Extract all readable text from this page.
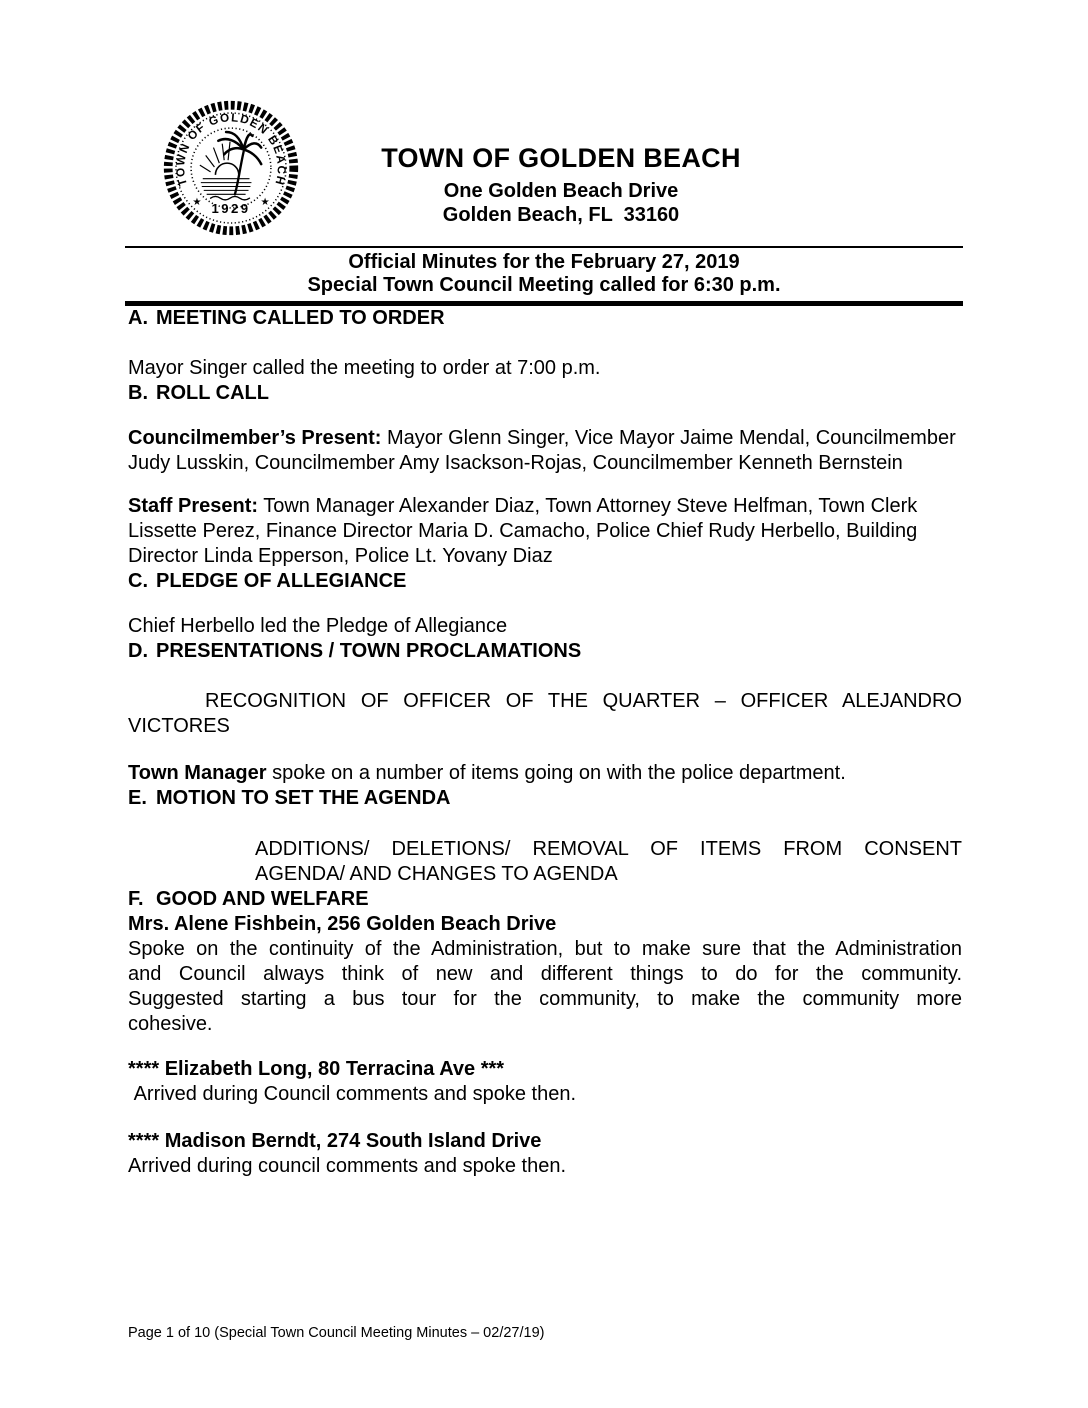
TOWN OF GOLDEN BEACH
1929
★	★
TOWN OF GOLDEN BEACH
One Golden Beach Drive
Golden Beach, FL  33160
Official Minutes for the February 27, 2019
Special Town Council Meeting called for 6:30 p.m.
A. MEETING CALLED TO ORDER

Mayor Singer called the meeting to order at 7:00 p.m.

B. ROLL CALL

Councilmember’s Present: Mayor Glenn Singer, Vice Mayor Jaime Mendal, Councilmember Judy Lusskin, Councilmember Amy Isackson-Rojas, Councilmember Kenneth Bernstein

Staff Present: Town Manager Alexander Diaz, Town Attorney Steve Helfman, Town Clerk Lissette Perez, Finance Director Maria D. Camacho, Police Chief Rudy Herbello, Building Director Linda Epperson, Police Lt. Yovany Diaz

C. PLEDGE OF ALLEGIANCE

Chief Herbello led the Pledge of Allegiance

D. PRESENTATIONS / TOWN PROCLAMATIONS
RECOGNITION OF OFFICER OF THE QUARTER – OFFICER ALEJANDRO
VICTORES

Town Manager spoke on a number of items going on with the police department.

E. MOTION TO SET THE AGENDA
ADDITIONS/ DELETIONS/ REMOVAL OF ITEMS FROM CONSENT
AGENDA/ AND CHANGES TO AGENDA
F. GOOD AND WELFARE

Mrs. Alene Fishbein, 256 Golden Beach Drive

Spoke on the continuity of the Administration, but to make sure that the Administration
and Council always think of new and different things to do for the community.
Suggested starting a bus tour for the community, to make the community more
cohesive.

**** Elizabeth Long, 80 Terracina Ave ***

Arrived during Council comments and spoke then.

**** Madison Berndt, 274 South Island Drive

Arrived during council comments and spoke then.

Page 1 of 10 (Special Town Council Meeting Minutes – 02/27/19)
